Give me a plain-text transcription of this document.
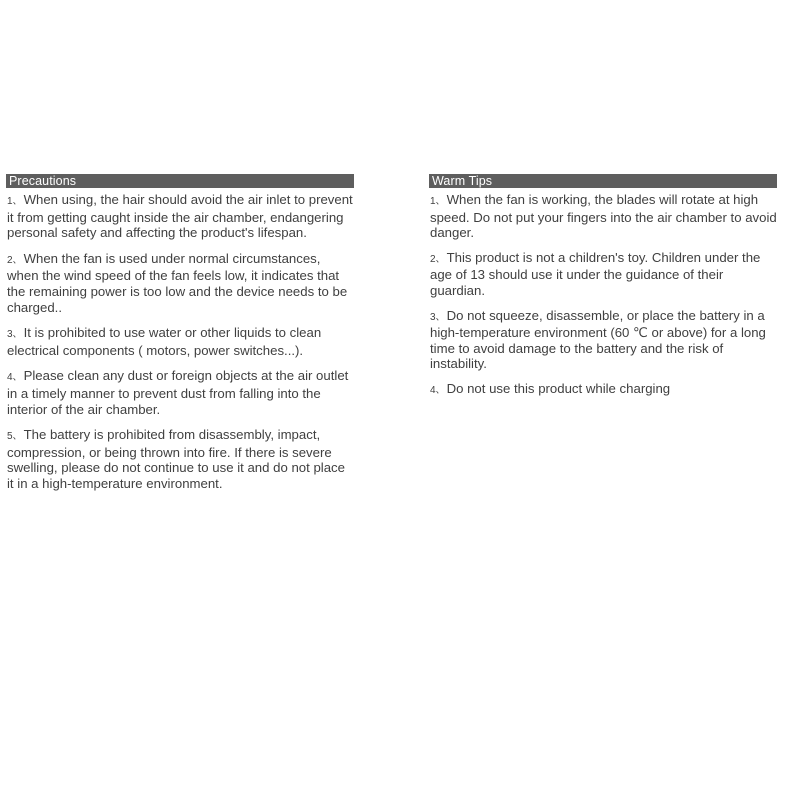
Precautions
1、When using, the hair should avoid the air inlet to prevent it from getting caught inside the air chamber, endangering personal safety and affecting the product's lifespan.
2、When the fan is used under normal circumstances, when the wind speed of the fan feels low, it indicates that the remaining power is too low and the device needs to be charged..
3、It is prohibited to use water or other liquids to clean electrical components ( motors, power switches...).
4、Please clean any dust or foreign objects at the air outlet in a timely manner to prevent dust from falling into the interior of the air chamber.
5、The battery is prohibited from disassembly, impact, compression, or being thrown into fire. If there is severe swelling, please do not continue to use it and do not place it in a high-temperature environment.
Warm Tips
1、When the fan is working, the blades will rotate at high speed. Do not put your fingers into the air chamber to avoid danger.
2、This product is not a children's toy. Children under the age of 13 should use it under the guidance of their guardian.
3、Do not squeeze, disassemble, or place the battery in a high-temperature environment (60 ℃ or above) for a long time to avoid damage to the battery and the risk of instability.
4、Do not use this product while charging
